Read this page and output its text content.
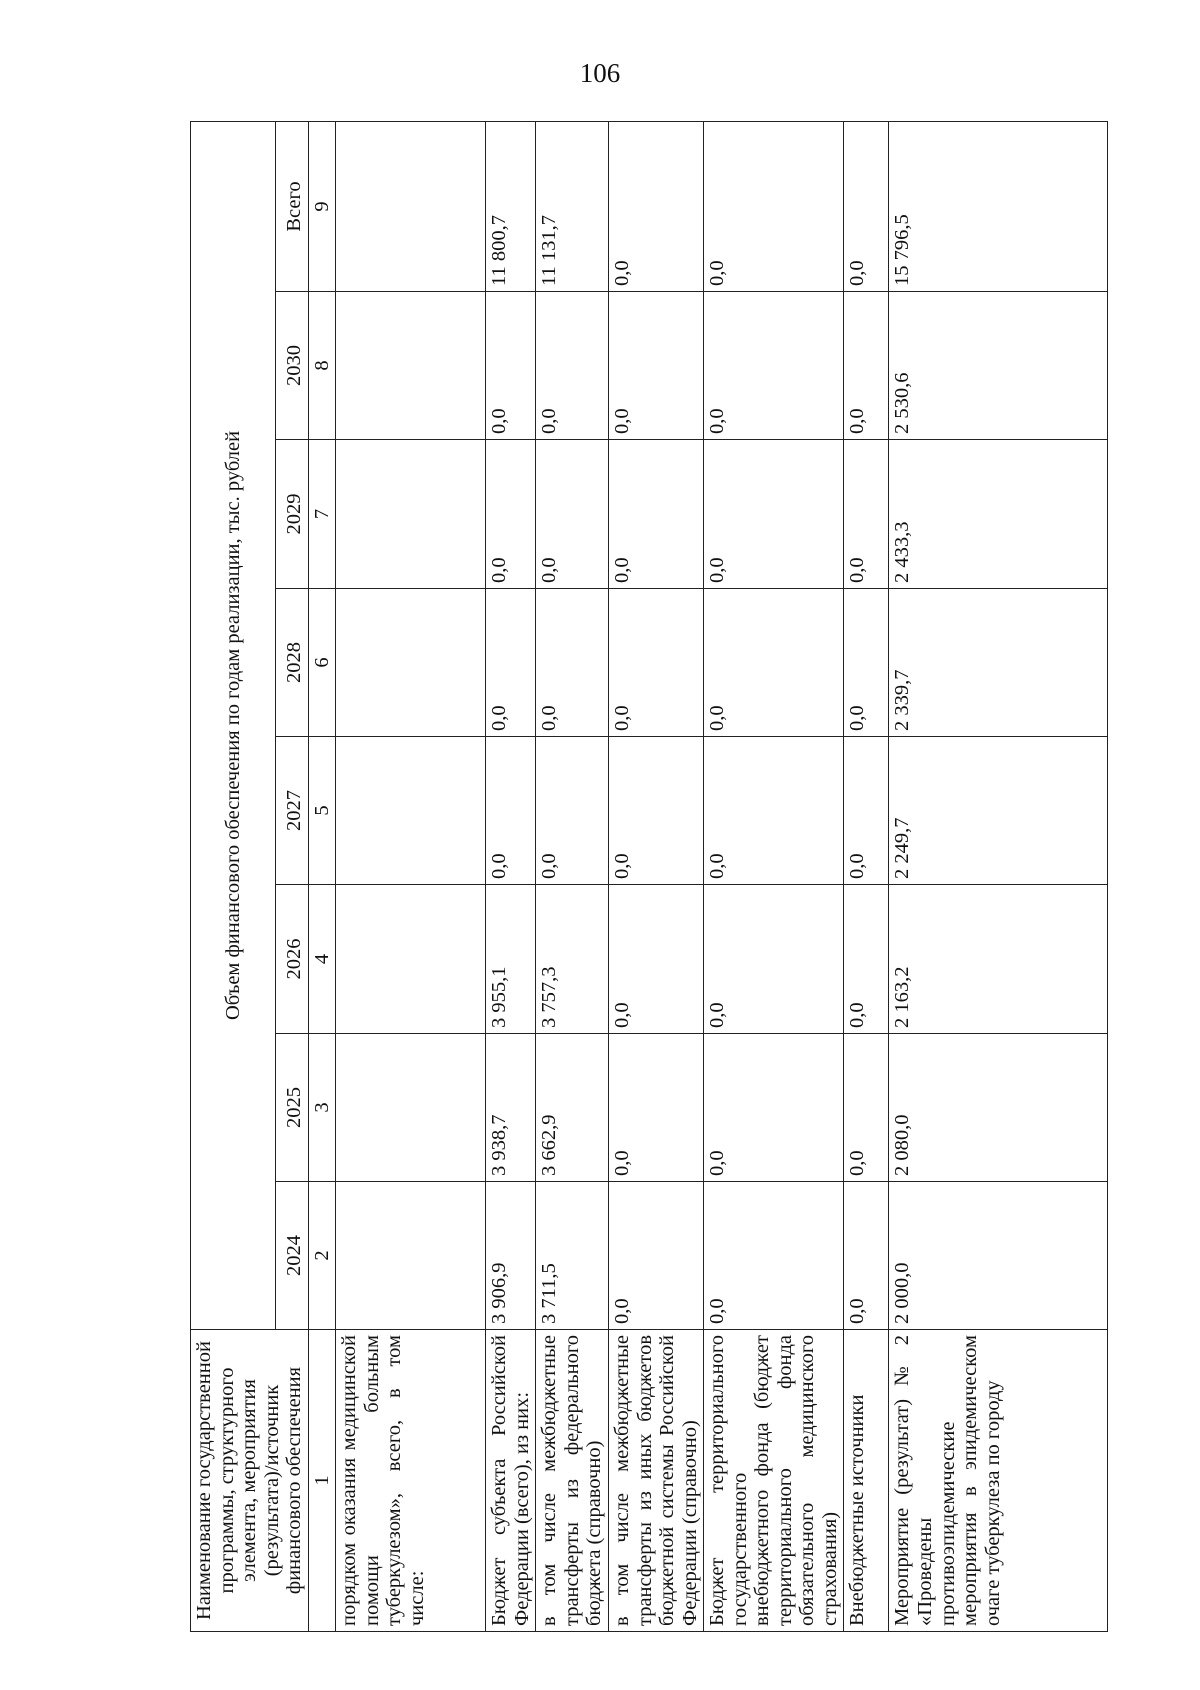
106
Наименование государственной программы, структурного элемента, мероприятия (результата)/источник финансового обеспечения	Объем финансового обеспечения по годам реализации, тыс. рублей							
	2024	2025	2026	2027	2028	2029	2030	Всего
1	2	3	4	5	6	7	8	9
порядком оказания медицинской помощи больным туберкулезом», всего, в том числе:								
Бюджет субъекта Российской Федерации (всего), из них:	3 906,9	3 938,7	3 955,1	0,0	0,0	0,0	0,0	11 800,7
в том числе межбюджетные трансферты из федерального бюджета (справочно)	3 711,5	3 662,9	3 757,3	0,0	0,0	0,0	0,0	11 131,7
в том числе межбюджетные трансферты из иных бюджетов бюджетной системы Российской Федерации (справочно)	0,0	0,0	0,0	0,0	0,0	0,0	0,0	0,0
Бюджет территориального государственного внебюджетного фонда (бюджет территориального фонда обязательного медицинского страхования)	0,0	0,0	0,0	0,0	0,0	0,0	0,0	0,0
Внебюджетные источники	0,0	0,0	0,0	0,0	0,0	0,0	0,0	0,0
Мероприятие (результат) № 2 «Проведены противоэпидемические мероприятия в эпидемическом очаге туберкулеза по городу	2 000,0	2 080,0	2 163,2	2 249,7	2 339,7	2 433,3	2 530,6	15 796,5
